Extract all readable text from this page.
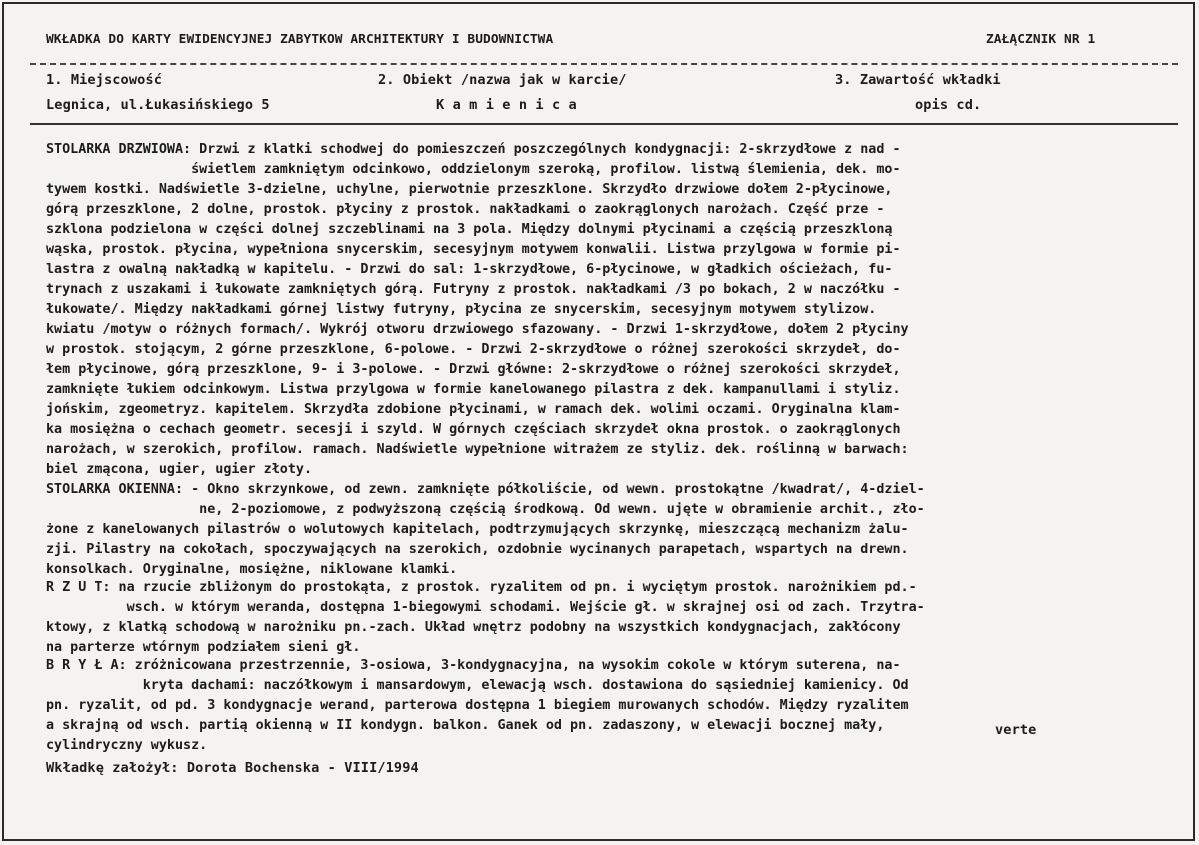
WKŁADKA DO KARTY EWIDENCYJNEJ ZABYTKOW ARCHITEKTURY I BUDOWNICTWA	ZAŁĄCZNIK NR 1
1. Miejscowość	2. Obiekt /nazwa jak w karcie/	3. Zawartość wkładki
Legnica, ul.Łukasińskiego 5	K a m i e n i c a	opis cd.
STOLARKA DRZWIOWA: Drzwi z klatki schodwej do pomieszczeń poszczególnych kondygnacji: 2-skrzydłowe z nad -
świetlem zamkniętym odcinkowo, oddzielonym szeroką, profilow. listwą ślemienia, dek. mo-
tywem kostki. Nadświetle 3-dzielne, uchylne, pierwotnie przeszklone. Skrzydło drzwiowe dołem 2-płycinowe,
górą przeszklone, 2 dolne, prostok. płyciny z prostok. nakładkami o zaokrąglonych narożach. Część prze -
szklona podzielona w części dolnej szczeblinami na 3 pola. Między dolnymi płycinami a częścią przeszkloną
wąska, prostok. płycina, wypełniona snycerskim, secesyjnym motywem konwalii. Listwa przylgowa w formie pi-
lastra z owalną nakładką w kapitelu. - Drzwi do sal: 1-skrzydłowe, 6-płycinowe, w gładkich ościeżach, fu-
trynach z uszakami i łukowate zamkniętych górą. Futryny z prostok. nakładkami /3 po bokach, 2 w naczółku -
łukowate/. Między nakładkami górnej listwy futryny, płycina ze snycerskim, secesyjnym motywem stylizow.
kwiatu /motyw o różnych formach/. Wykrój otworu drzwiowego sfazowany. - Drzwi 1-skrzydłowe, dołem 2 płyciny
w prostok. stojącym, 2 górne przeszklone, 6-polowe. - Drzwi 2-skrzydłowe o różnej szerokości skrzydeł, do-
łem płycinowe, górą przeszklone, 9- i 3-polowe. - Drzwi główne: 2-skrzydłowe o różnej szerokości skrzydeł,
zamknięte łukiem odcinkowym. Listwa przylgowa w formie kanelowanego pilastra z dek. kampanullami i styliz.
jońskim, zgeometryz. kapitelem. Skrzydła zdobione płycinami, w ramach dek. wolimi oczami. Oryginalna klam-
ka mosiężna o cechach geometr. secesji i szyld. W górnych częściach skrzydeł okna prostok. o zaokrąglonych
narożach, w szerokich, profilow. ramach. Nadświetle wypełnione witrażem ze styliz. dek. roślinną w barwach:
biel zmącona, ugier, ugier złoty.
STOLARKA OKIENNA: - Okno skrzynkowe, od zewn. zamknięte półkoliście, od wewn. prostokątne /kwadrat/, 4-dziel-
ne, 2-poziomowe, z podwyższoną częścią środkową. Od wewn. ujęte w obramienie archit., zło-
żone z kanelowanych pilastrów o wolutowych kapitelach, podtrzymujących skrzynkę, mieszczącą mechanizm żalu-
zji. Pilastry na cokołach, spoczywających na szerokich, ozdobnie wycinanych parapetach, wspartych na drewn.
konsolkach. Oryginalne, mosiężne, niklowane klamki.
R Z U T: na rzucie zbliżonym do prostokąta, z prostok. ryzalitem od pn. i wyciętym prostok. narożnikiem pd.-
wsch. w którym weranda, dostępna 1-biegowymi schodami. Wejście gł. w skrajnej osi od zach. Trzytra-
ktowy, z klatką schodową w narożniku pn.-zach. Układ wnętrz podobny na wszystkich kondygnacjach, zakłócony
na parterze wtórnym podziałem sieni gł.
B R Y Ł A: zróżnicowana przestrzennie, 3-osiowa, 3-kondygnacyjna, na wysokim cokole w którym suterena, na-
kryta dachami: naczółkowym i mansardowym, elewacją wsch. dostawiona do sąsiedniej kamienicy. Od
pn. ryzalit, od pd. 3 kondygnacje werand, parterowa dostępna 1 biegiem murowanych schodów. Między ryzalitem
a skrajną od wsch. partią okienną w II kondygn. balkon. Ganek od pn. zadaszony, w elewacji bocznej mały,
cylindryczny wykusz.
verte
Wkładkę założył: Dorota Bochenska - VIII/1994
